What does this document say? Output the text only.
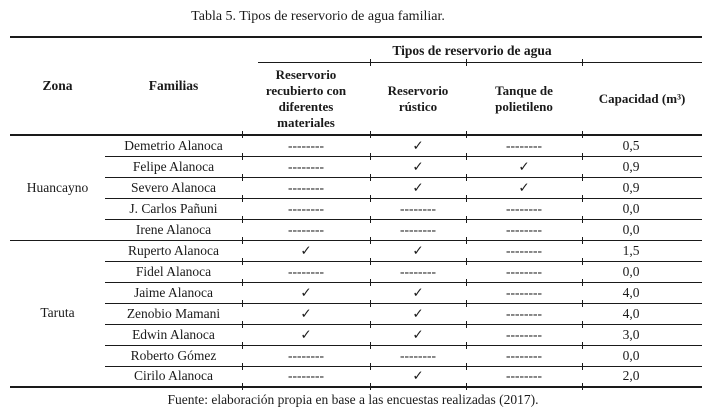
Tabla 5. Tipos de reservorio de agua familiar.
Zona	Familias	Tipos de reservorio de agua			
		Reservorio recubierto con diferentes materiales	Reservorio rústico	Tanque de polietileno	Capacidad (m³)
Huancayno	Demetrio Alanoca	--------	✓	--------	0,5
	Felipe Alanoca	--------	✓	✓	0,9
	Severo Alanoca	--------	✓	✓	0,9
	J. Carlos Pañuni	--------	--------	--------	0,0
	Irene Alanoca	--------	--------	--------	0,0
Taruta	Ruperto Alanoca	✓	✓	--------	1,5
	Fidel Alanoca	--------	--------	--------	0,0
	Jaime Alanoca	✓	✓	--------	4,0
	Zenobio Mamani	✓	✓	--------	4,0
	Edwin Alanoca	✓	✓	--------	3,0
	Roberto Gómez	--------	--------	--------	0,0
	Cirilo Alanoca	--------	✓	--------	2,0
Fuente: elaboración propia en base a las encuestas realizadas (2017).
